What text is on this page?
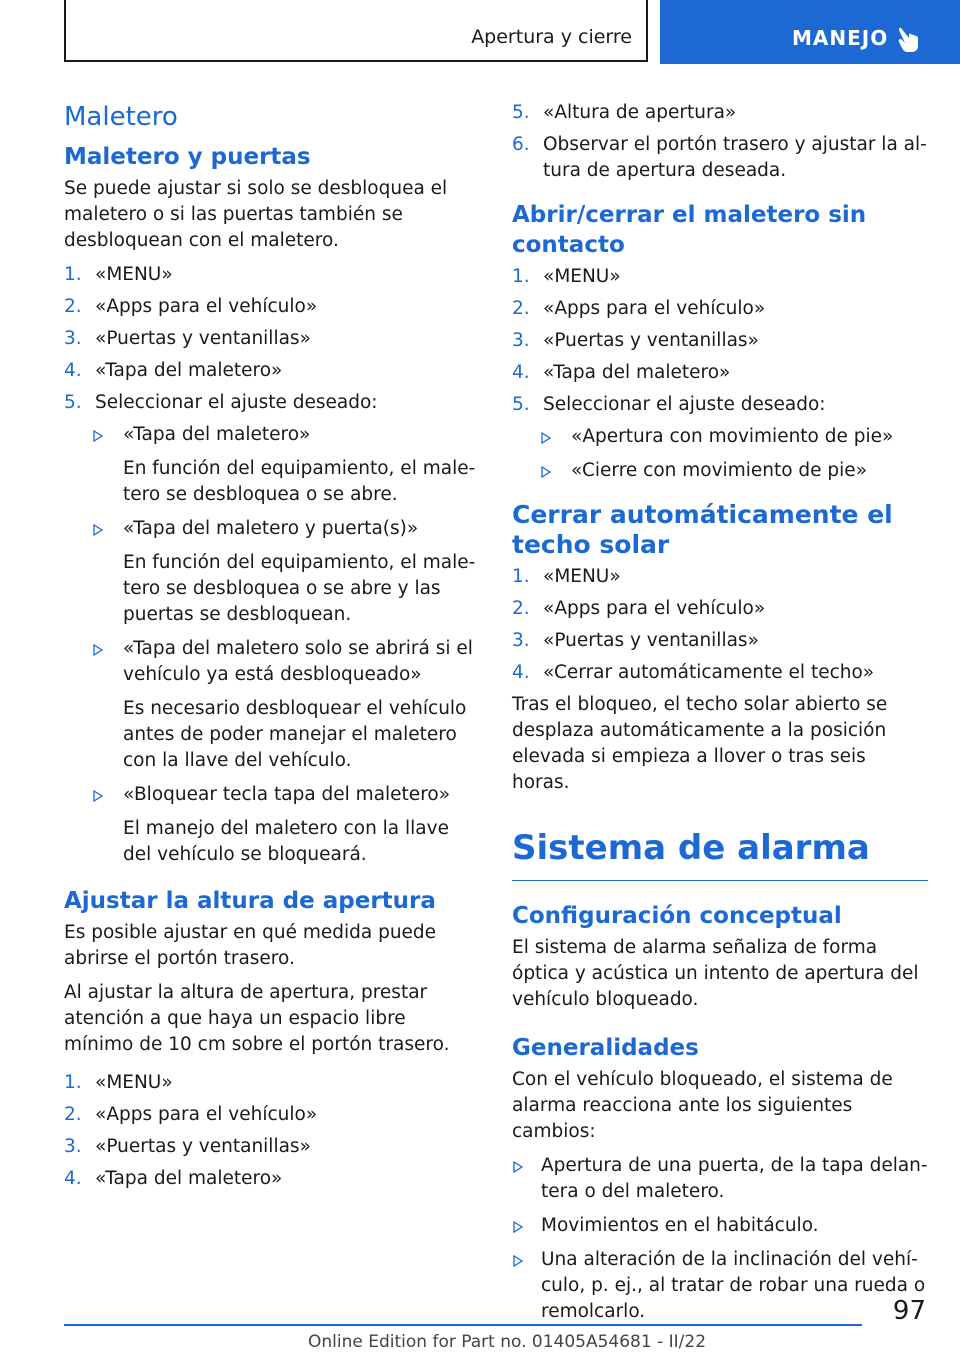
Apertura y cierre	MANEJO
Maletero
Maletero y puertas

Se puede ajustar si solo se desbloquea el maletero o si las puertas también se desbloquean con el maletero.

1. «MENU»
2. «Apps para el vehículo»
3. «Puertas y ventanillas»
4. «Tapa del maletero»
5. Seleccionar el ajuste deseado:
«Tapa del maletero»
En función del equipamiento, el maletero se desbloquea o se abre.
«Tapa del maletero y puerta(s)»
En función del equipamiento, el maletero se desbloquea o se abre y las puertas se desbloquean.
«Tapa del maletero solo se abrirá si el vehículo ya está desbloqueado»
Es necesario desbloquear el vehículo antes de poder manejar el maletero con la llave del vehículo.
«Bloquear tecla tapa del maletero»
El manejo del maletero con la llave del vehículo se bloqueará.
Ajustar la altura de apertura

Es posible ajustar en qué medida puede abrirse el portón trasero.

Al ajustar la altura de apertura, prestar atención a que haya un espacio libre mínimo de 10 cm sobre el portón trasero.

1. «MENU»
2. «Apps para el vehículo»
3. «Puertas y ventanillas»
4. «Tapa del maletero»
5. «Altura de apertura»
6. Observar el portón trasero y ajustar la altura de apertura deseada.
Abrir/cerrar el maletero sin contacto
1. «MENU»
2. «Apps para el vehículo»
3. «Puertas y ventanillas»
4. «Tapa del maletero»
5. Seleccionar el ajuste deseado:
«Apertura con movimiento de pie»
«Cierre con movimiento de pie»
Cerrar automáticamente el techo solar
1. «MENU»
2. «Apps para el vehículo»
3. «Puertas y ventanillas»
4. «Cerrar automáticamente el techo»

Tras el bloqueo, el techo solar abierto se desplaza automáticamente a la posición elevada si empieza a llover o tras seis horas.

Sistema de alarma
Configuración conceptual

El sistema de alarma señaliza de forma óptica y acústica un intento de apertura del vehículo bloqueado.

Generalidades

Con el vehículo bloqueado, el sistema de alarma reacciona ante los siguientes cambios:

Apertura de una puerta, de la tapa delantera o del maletero.
Movimientos en el habitáculo.
Una alteración de la inclinación del vehículo, p. ej., al tratar de robar una rueda o remolcarlo.	97
Online Edition for Part no. 01405A54681 - II/22
